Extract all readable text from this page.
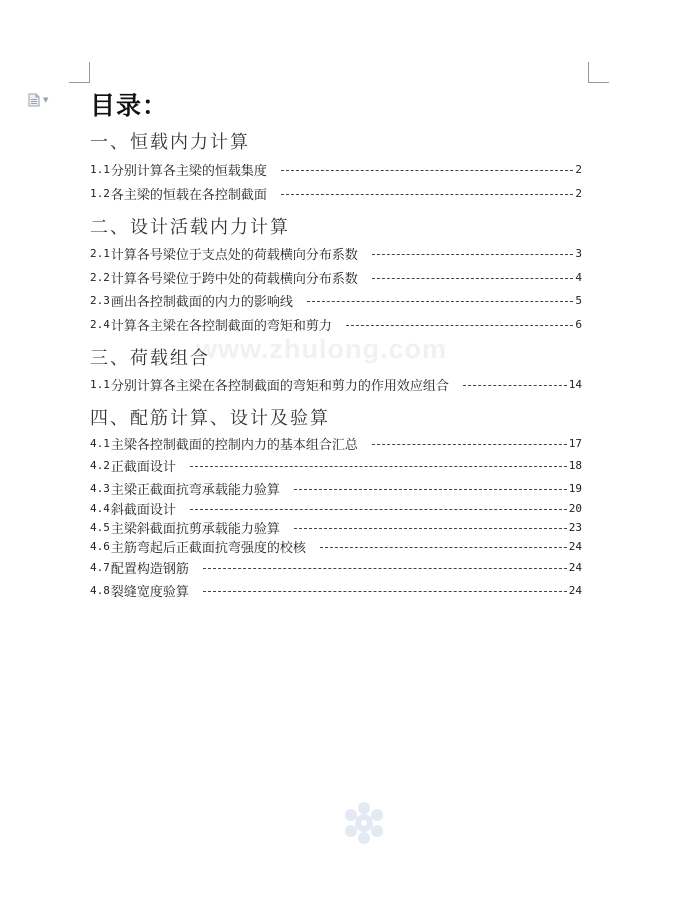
▼ 目录：
一、恒载内力计算
1.1 分别计算各主梁的恒载集度	2
1.2 各主梁的恒载在各控制截面	2
二、设计活载内力计算
2.1 计算各号梁位于支点处的荷载横向分布系数	3
2.2 计算各号梁位于跨中处的荷载横向分布系数	4
2.3 画出各控制截面的内力的影响线	5
2.4 计算各主梁在各控制截面的弯矩和剪力	6
www.zhulong.com
三、荷载组合
1.1 分别计算各主梁在各控制截面的弯矩和剪力的作用效应组合	14
四、配筋计算、设计及验算
4.1 主梁各控制截面的控制内力的基本组合汇总	17
4.2 正截面设计	18
4.3 主梁正截面抗弯承载能力验算	19
4.4 斜截面设计	20
4.5 主梁斜截面抗剪承载能力验算	23
4.6 主筋弯起后正截面抗弯强度的校核	24
4.7 配置构造钢筋	24
4.8 裂缝宽度验算	24
